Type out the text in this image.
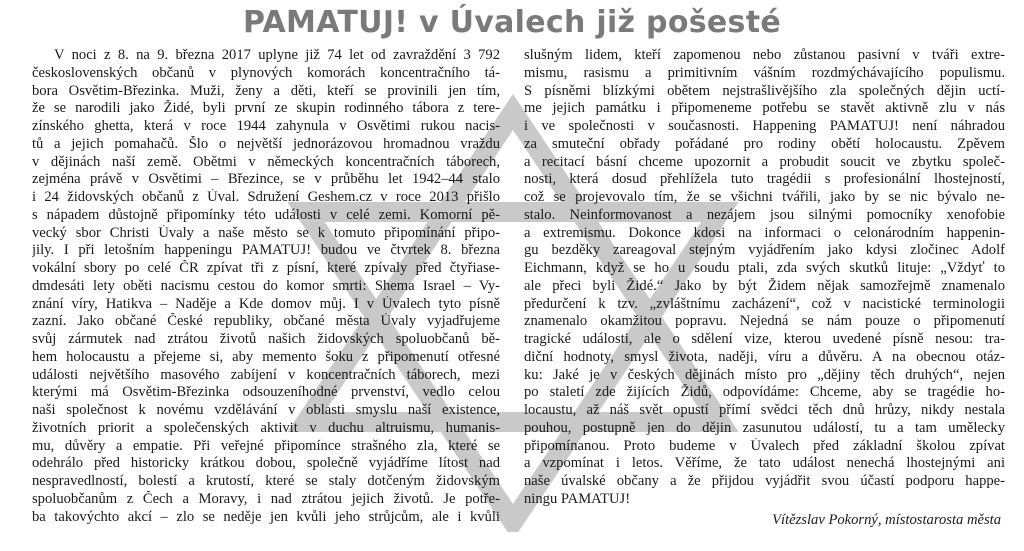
PAMATUJ! v Úvalech již pošesté
V noci z 8. na 9. března 2017 uplyne již 74 let od zavraždění 3 792
československých občanů v plynových komorách koncentračního tá-
bora Osvětim-Březinka. Muži, ženy a děti, kteří se provinili jen tím,
že se narodili jako Židé, byli první ze skupin rodinného tábora z tere-
zínského ghetta, která v roce 1944 zahynula v Osvětimi rukou nacis-
tů a jejich pomahačů. Šlo o největší jednorázovou hromadnou vraždu
v dějinách naší země. Obětmi v německých koncentračních táborech,
zejména právě v Osvětimi – Březince, se v průběhu let 1942–44 stalo
i 24 židovských občanů z Úval. Sdružení Geshem.cz v roce 2013 přišlo
s nápadem důstojně připomínky této události v celé zemi. Komorní pě-
vecký sbor Christi Úvaly a naše město se k tomuto připomínání připo-
jily. I při letošním happeningu PAMATUJ! budou ve čtvrtek 8. března
vokální sbory po celé ČR zpívat tři z písní, které zpívaly před čtyřiase-
dmdesáti lety oběti nacismu cestou do komor smrti: Shema Israel – Vy-
znání víry, Hatikva – Naděje a Kde domov můj. I v Úvalech tyto písně
zazní. Jako občané České republiky, občané města Úvaly vyjadřujeme
svůj zármutek nad ztrátou životů našich židovských spoluobčanů bě-
hem holocaustu a přejeme si, aby memento šoku z připomenutí otřesné
události největšího masového zabíjení v koncentračních táborech, mezi
kterými má Osvětim-Březinka odsouzeníhodné prvenství, vedlo celou
naši společnost k novému vzdělávání v oblasti smyslu naší existence,
životních priorit a společenských aktivit v duchu altruismu, humanis-
mu, důvěry a empatie. Při veřejné připomínce strašného zla, které se
odehrálo před historicky krátkou dobou, společně vyjádříme lítost nad
nespravedlností, bolestí a krutostí, které se staly dotčeným židovským
spoluobčanům z Čech a Moravy, i nad ztrátou jejich životů. Je potře-
ba takovýchto akcí – zlo se neděje jen kvůli jeho strůjcům, ale i kvůli
slušným lidem, kteří zapomenou nebo zůstanou pasivní v tváři extre-
mismu, rasismu a primitivním vášním rozdmýchávajícího populismu.
S písněmi blízkými obětem nejstrašlivějšího zla společných dějin uctí-
me jejich památku i připomeneme potřebu se stavět aktivně zlu v nás
i ve společnosti v současnosti. Happening PAMATUJ! není náhradou
za smuteční obřady pořádané pro rodiny obětí holocaustu. Zpěvem
a recitací básní chceme upozornit a probudit soucit ve zbytku společ-
nosti, která dosud přehlížela tuto tragédii s profesionální lhostejností,
což se projevovalo tím, že se všichni tvářili, jako by se nic bývalo ne-
stalo. Neinformovanost a nezájem jsou silnými pomocníky xenofobie
a extremismu. Dokonce kdosi na informaci o celonárodním happenin-
gu bezděky zareagoval stejným vyjádřením jako kdysi zločinec Adolf
Eichmann, když se ho u soudu ptali, zda svých skutků lituje: „Vždyť to
ale přeci byli Židé.“ Jako by být Židem nějak samozřejmě znamenalo
předurčení k tzv. „zvláštnímu zacházení“, což v nacistické terminologii
znamenalo okamžitou popravu. Nejedná se nám pouze o připomenutí
tragické události, ale o sdělení vize, kterou uvedené písně nesou: tra-
diční hodnoty, smysl života, naději, víru a důvěru. A na obecnou otáz-
ku: Jaké je v českých dějinách místo pro „dějiny těch druhých“, nejen
po staletí zde žijících Židů, odpovídáme: Chceme, aby se tragédie ho-
locaustu, až náš svět opustí přímí svědci těch dnů hrůzy, nikdy nestala
pouhou, postupně jen do dějin zasunutou událostí, tu a tam umělecky
připomínanou. Proto budeme v Úvalech před základní školou zpívat
a vzpomínat i letos. Věříme, že tato událost nenechá lhostejnými ani
naše úvalské občany a že přijdou vyjádřit svou účastí podporu happe-
ningu PAMATUJ!
Vítězslav Pokorný, místostarosta města
